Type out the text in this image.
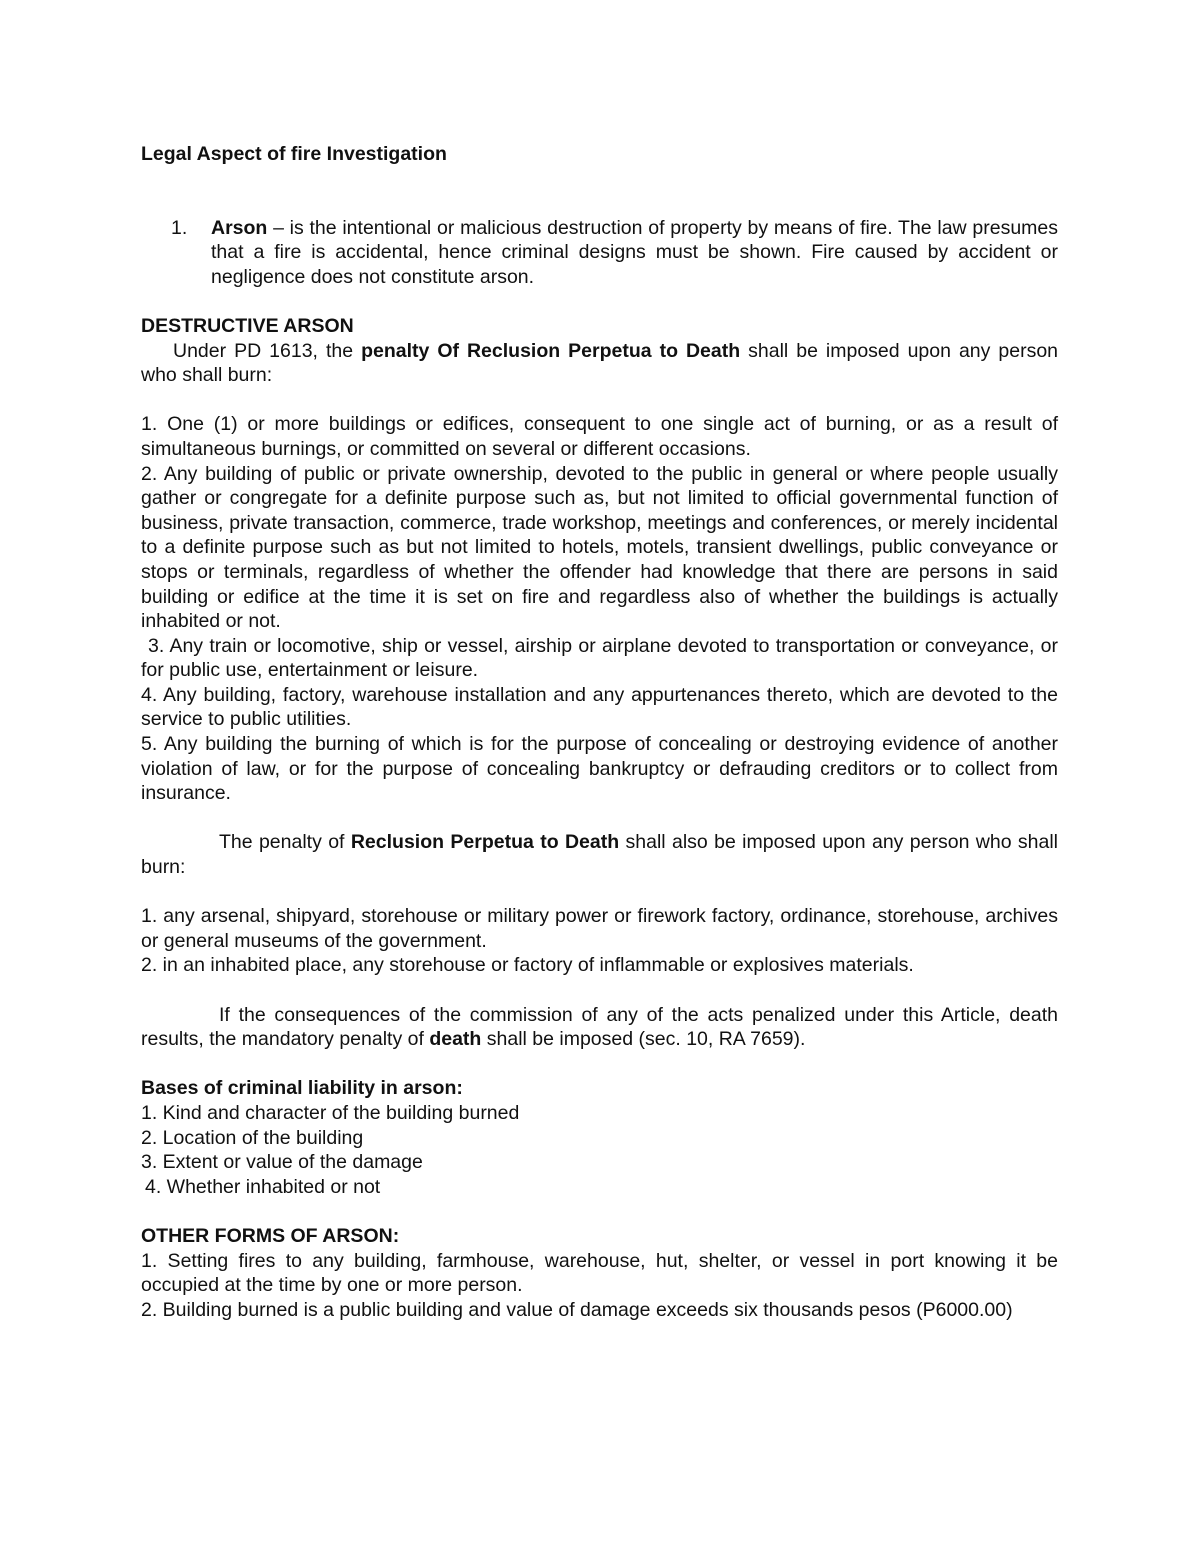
Legal Aspect of fire Investigation

1.	Arson – is the intentional or malicious destruction of property by means of fire. The law presumes that a fire is accidental, hence criminal designs must be shown. Fire caused by accident or negligence does not constitute arson.

DESTRUCTIVE ARSON

Under PD 1613, the penalty Of Reclusion Perpetua to Death shall be imposed upon any person who shall burn:

1. One (1) or more buildings or edifices, consequent to one single act of burning, or as a result of simultaneous burnings, or committed on several or different occasions.

2. Any building of public or private ownership, devoted to the public in general or where people usually gather or congregate for a definite purpose such as, but not limited to official governmental function of business, private transaction, commerce, trade workshop, meetings and conferences, or merely incidental to a definite purpose such as but not limited to hotels, motels, transient dwellings, public conveyance or stops or terminals, regardless of whether the offender had knowledge that there are persons in said building or edifice at the time it is set on fire and regardless also of whether the buildings is actually inhabited or not.

3. Any train or locomotive, ship or vessel, airship or airplane devoted to transportation or conveyance, or for public use, entertainment or leisure.

4. Any building, factory, warehouse installation and any appurtenances thereto, which are devoted to the service to public utilities.

5. Any building the burning of which is for the purpose of concealing or destroying evidence of another violation of law, or for the purpose of concealing bankruptcy or defrauding creditors or to collect from insurance.

The penalty of Reclusion Perpetua to Death shall also be imposed upon any person who shall burn:

1. any arsenal, shipyard, storehouse or military power or firework factory, ordinance, storehouse, archives or general museums of the government.

2. in an inhabited place, any storehouse or factory of inflammable or explosives materials.

If the consequences of the commission of any of the acts penalized under this Article, death results, the mandatory penalty of death shall be imposed (sec. 10, RA 7659).

Bases of criminal liability in arson:

1. Kind and character of the building burned

2. Location of the building

3. Extent or value of the damage

4. Whether inhabited or not

OTHER FORMS OF ARSON:

1. Setting fires to any building, farmhouse, warehouse, hut, shelter, or vessel in port knowing it be occupied at the time by one or more person.

2. Building burned is a public building and value of damage exceeds six thousands pesos (P6000.00)
